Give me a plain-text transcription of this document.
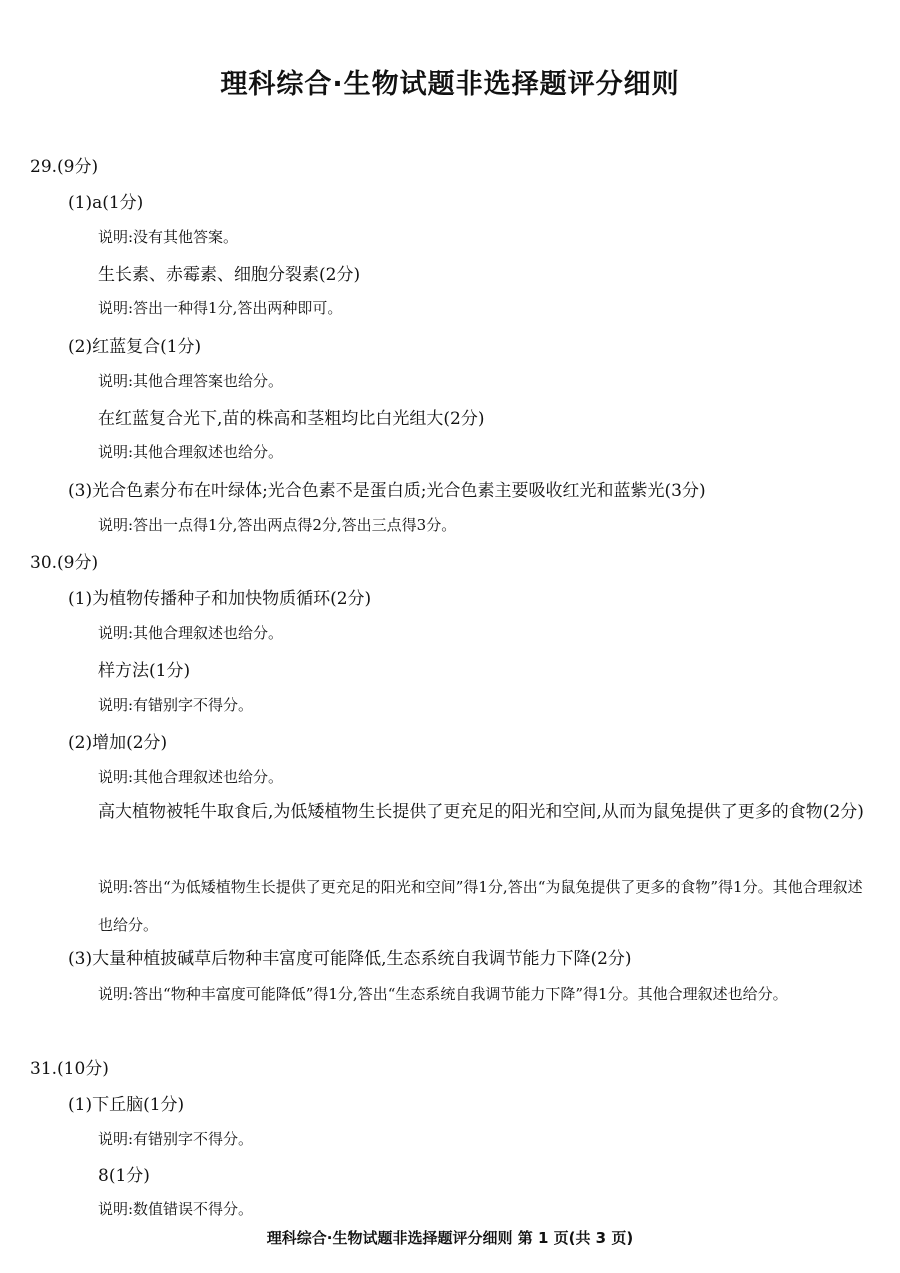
理科综合·生物试题非选择题评分细则
29.(9分)
(1)a(1分)
说明:没有其他答案。
生长素、赤霉素、细胞分裂素(2分)
说明:答出一种得1分,答出两种即可。
(2)红蓝复合(1分)
说明:其他合理答案也给分。
在红蓝复合光下,苗的株高和茎粗均比白光组大(2分)
说明:其他合理叙述也给分。
(3)光合色素分布在叶绿体;光合色素不是蛋白质;光合色素主要吸收红光和蓝紫光(3分)
说明:答出一点得1分,答出两点得2分,答出三点得3分。
30.(9分)
(1)为植物传播种子和加快物质循环(2分)
说明:其他合理叙述也给分。
样方法(1分)
说明:有错别字不得分。
(2)增加(2分)
说明:其他合理叙述也给分。
高大植物被牦牛取食后,为低矮植物生长提供了更充足的阳光和空间,从而为鼠兔提供了更多的食物(2分)
说明:答出“为低矮植物生长提供了更充足的阳光和空间”得1分,答出“为鼠兔提供了更多的食物”得1分。其他合理叙述也给分。
(3)大量种植披碱草后物种丰富度可能降低,生态系统自我调节能力下降(2分)
说明:答出“物种丰富度可能降低”得1分,答出“生态系统自我调节能力下降”得1分。其他合理叙述也给分。
31.(10分)
(1)下丘脑(1分)
说明:有错别字不得分。
8(1分)
说明:数值错误不得分。
理科综合·生物试题非选择题评分细则 第 1 页(共 3 页)
